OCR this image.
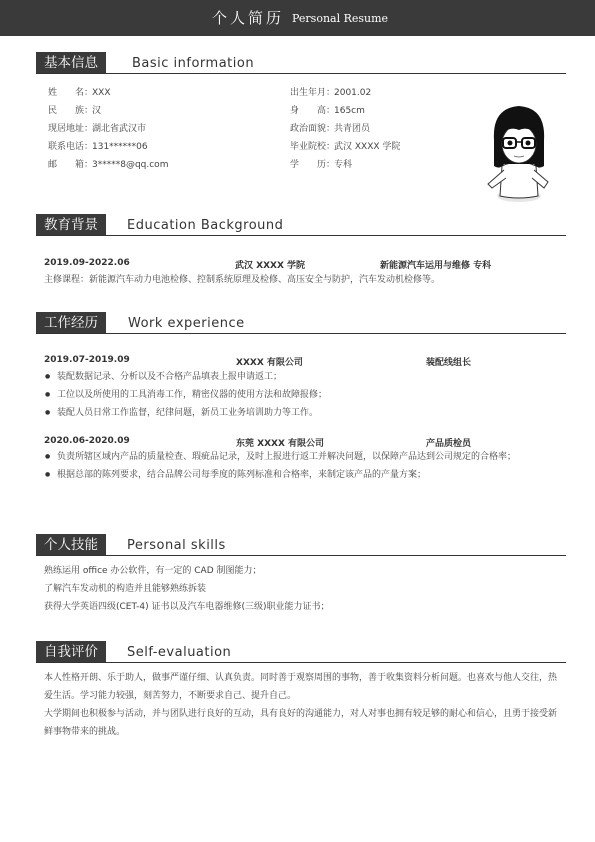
个人简历 Personal Resume
基本信息	Basic information
姓　　名：XXX
民　　族：汉
现居地址：湖北省武汉市
联系电话：131******06
邮　　箱：3*****8@qq.com
出生年月：2001.02
身　　高：165cm
政治面貌：共青团员
毕业院校：武汉 XXXX 学院
学　　历：专科
教育背景	Education Background
2019.09-2022.06	武汉 XXXX 学院	新能源汽车运用与维修 专科
主修课程：新能源汽车动力电池检修、控制系统原理及检修、高压安全与防护，汽车发动机检修等。
工作经历	Work experience
2019.07-2019.09	XXXX 有限公司	装配线组长
● 装配数据记录、分析以及不合格产品填表上报申请返工；
● 工位以及所使用的工具消毒工作，精密仪器的使用方法和故障报修；
● 装配人员日常工作监督，纪律问题，新员工业务培训助力等工作。
2020.06-2020.09	东莞 XXXX 有限公司	产品质检员
● 负责所辖区域内产品的质量检查、瑕疵品记录，及时上报进行返工并解决问题，以保障产品达到公司规定的合格率；
● 根据总部的陈列要求，结合品牌公司每季度的陈列标准和合格率，来制定该产品的产量方案；
个人技能	Personal skills
熟练运用 office 办公软件，有一定的 CAD 制图能力；
了解汽车发动机的构造并且能够熟练拆装
获得大学英语四级(CET-4) 证书以及汽车电器维修(三级)职业能力证书；
自我评价	Self-evaluation
本人性格开朗、乐于助人，做事严谨仔细、认真负责。同时善于观察周围的事物，善于收集资料分析问题。也喜欢与他人交往，热爱生活。学习能力较强，刻苦努力，不断要求自己、提升自己。
大学期间也积极参与活动，并与团队进行良好的互动，具有良好的沟通能力，对人对事也拥有较足够的耐心和信心，且勇于接受新鲜事物带来的挑战。
